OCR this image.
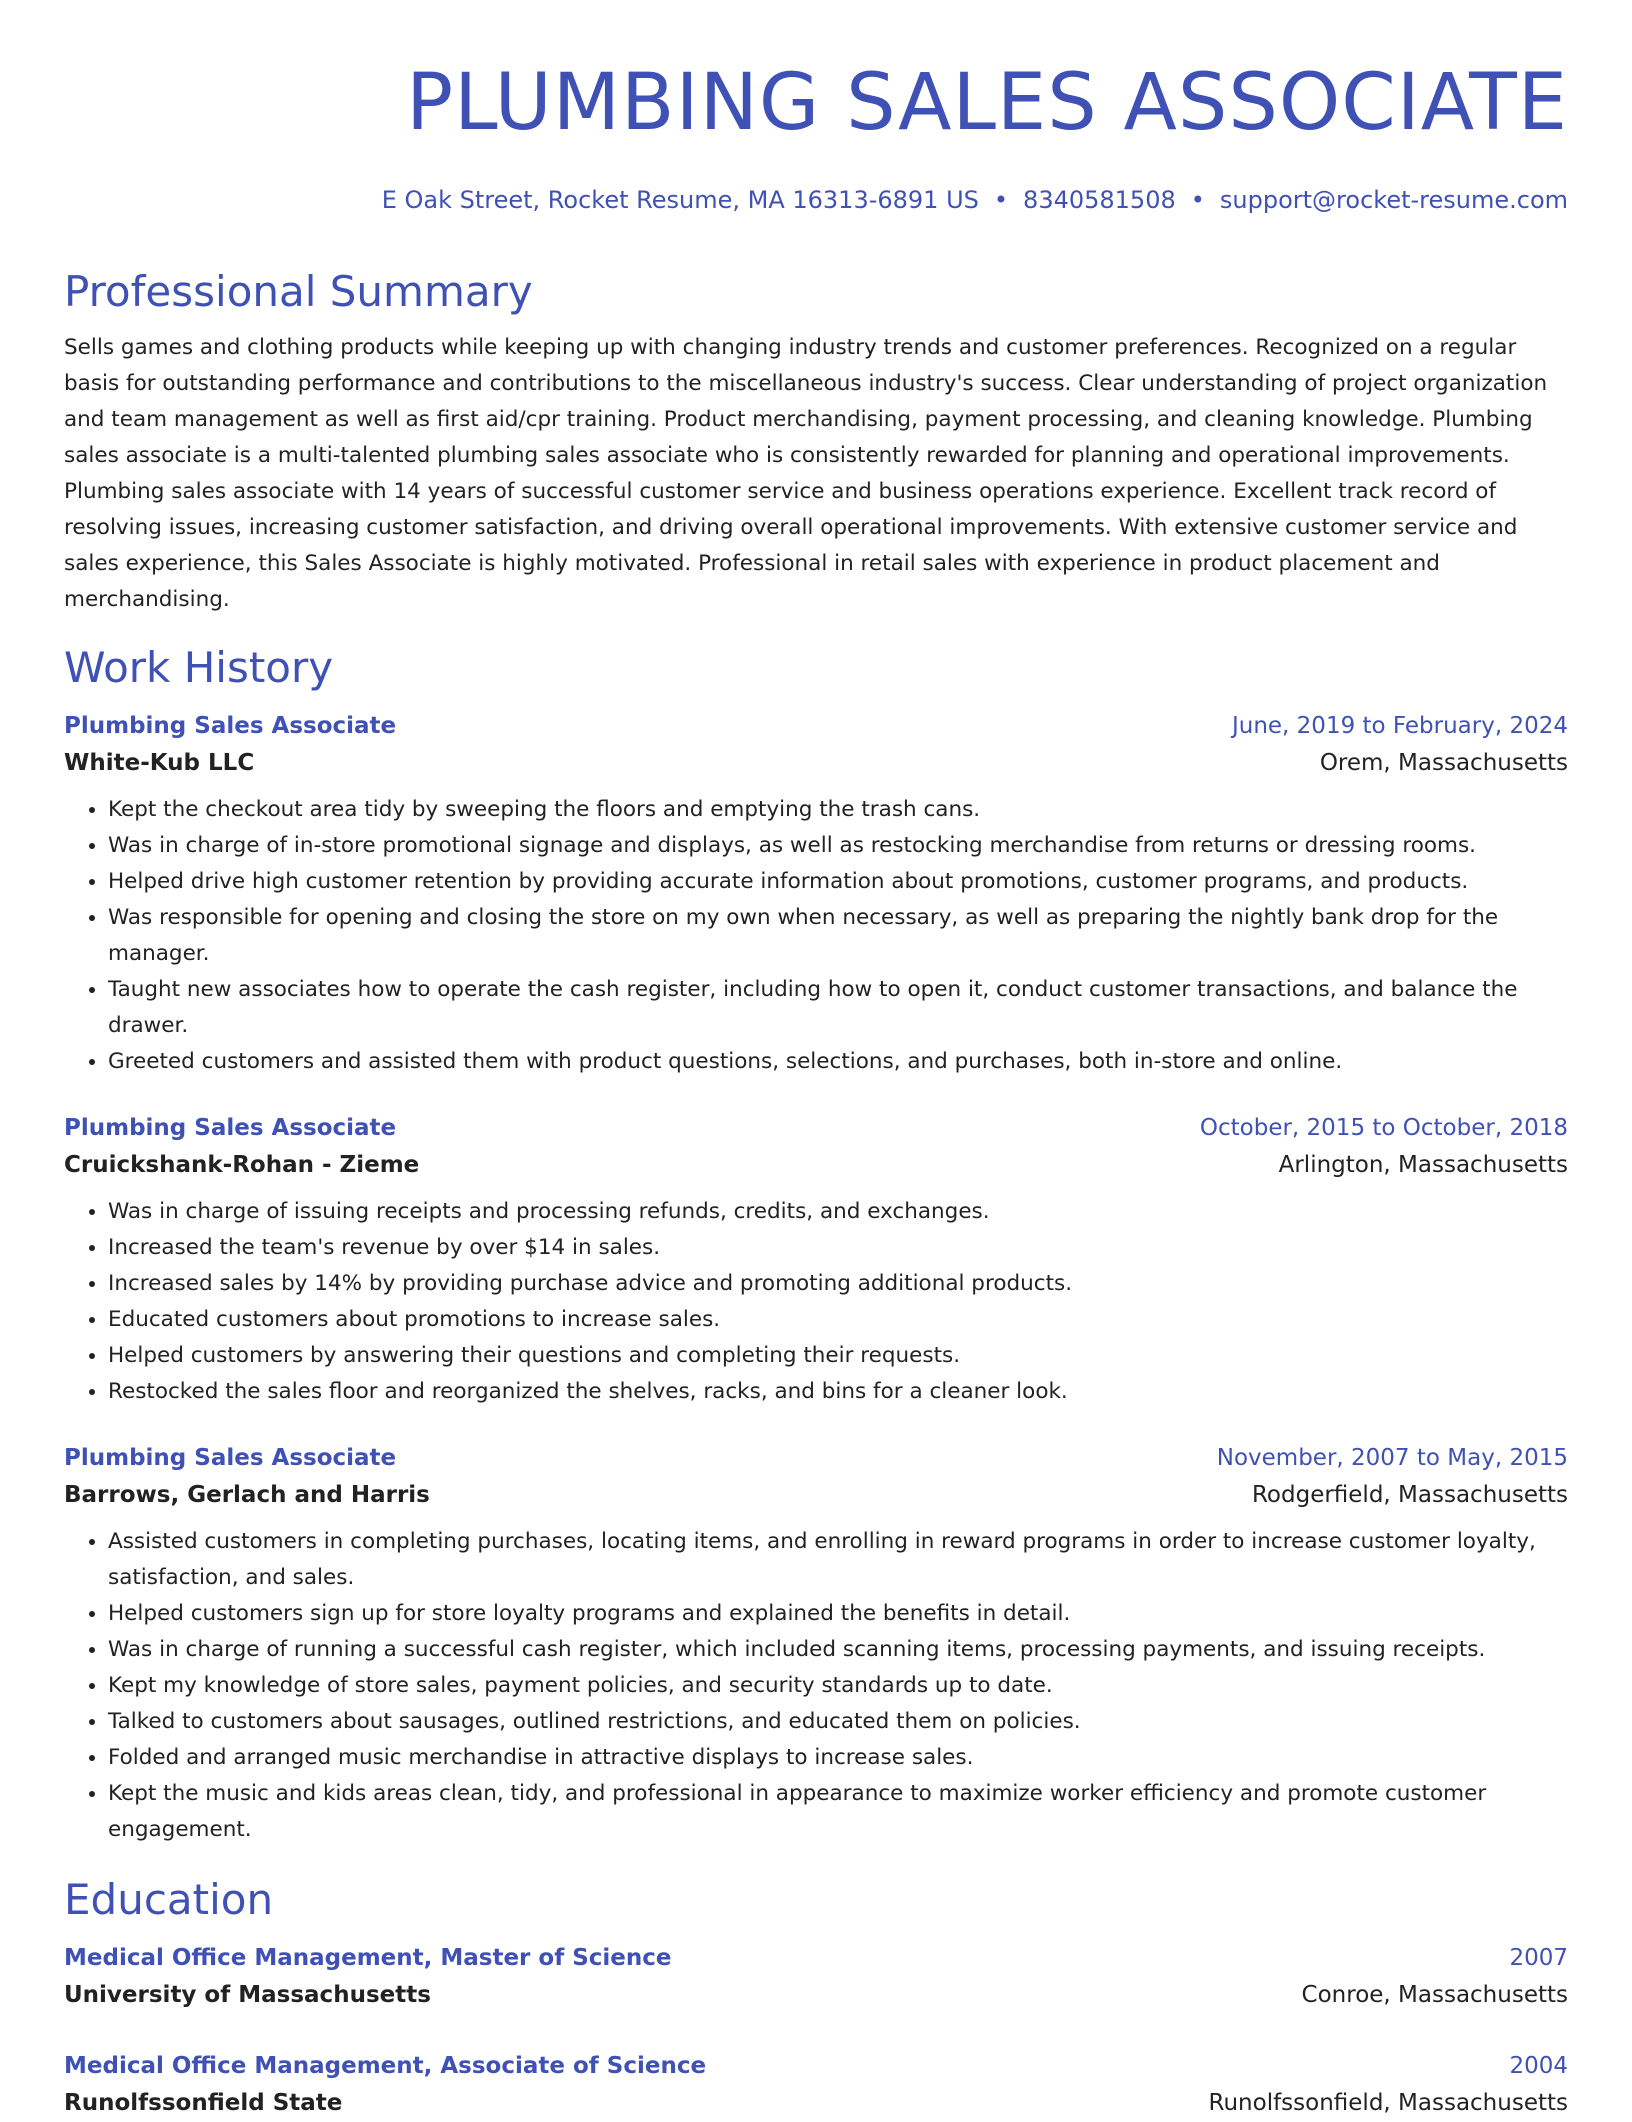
PLUMBING SALES ASSOCIATE
E Oak Street, Rocket Resume, MA 16313-6891 US • 8340581508 • support@rocket-resume.com
Professional Summary
Sells games and clothing products while keeping up with changing industry trends and customer preferences. Recognized on a regular basis for outstanding performance and contributions to the miscellaneous industry's success. Clear understanding of project organization and team management as well as first aid/cpr training. Product merchandising, payment processing, and cleaning knowledge. Plumbing sales associate is a multi-talented plumbing sales associate who is consistently rewarded for planning and operational improvements. Plumbing sales associate with 14 years of successful customer service and business operations experience. Excellent track record of resolving issues, increasing customer satisfaction, and driving overall operational improvements. With extensive customer service and sales experience, this Sales Associate is highly motivated. Professional in retail sales with experience in product placement and merchandising.
Work History
Plumbing Sales Associate	June, 2019 to February, 2024
White-Kub LLC	Orem, Massachusetts
• Kept the checkout area tidy by sweeping the floors and emptying the trash cans.
• Was in charge of in-store promotional signage and displays, as well as restocking merchandise from returns or dressing rooms.
• Helped drive high customer retention by providing accurate information about promotions, customer programs, and products.
• Was responsible for opening and closing the store on my own when necessary, as well as preparing the nightly bank drop for the manager.
• Taught new associates how to operate the cash register, including how to open it, conduct customer transactions, and balance the drawer.
• Greeted customers and assisted them with product questions, selections, and purchases, both in-store and online.
Plumbing Sales Associate	October, 2015 to October, 2018
Cruickshank-Rohan - Zieme	Arlington, Massachusetts
• Was in charge of issuing receipts and processing refunds, credits, and exchanges.
• Increased the team's revenue by over $14 in sales.
• Increased sales by 14% by providing purchase advice and promoting additional products.
• Educated customers about promotions to increase sales.
• Helped customers by answering their questions and completing their requests.
• Restocked the sales floor and reorganized the shelves, racks, and bins for a cleaner look.
Plumbing Sales Associate	November, 2007 to May, 2015
Barrows, Gerlach and Harris	Rodgerfield, Massachusetts
• Assisted customers in completing purchases, locating items, and enrolling in reward programs in order to increase customer loyalty, satisfaction, and sales.
• Helped customers sign up for store loyalty programs and explained the benefits in detail.
• Was in charge of running a successful cash register, which included scanning items, processing payments, and issuing receipts.
• Kept my knowledge of store sales, payment policies, and security standards up to date.
• Talked to customers about sausages, outlined restrictions, and educated them on policies.
• Folded and arranged music merchandise in attractive displays to increase sales.
• Kept the music and kids areas clean, tidy, and professional in appearance to maximize worker efficiency and promote customer engagement.
Education
Medical Office Management, Master of Science	2007
University of Massachusetts	Conroe, Massachusetts
Medical Office Management, Associate of Science	2004
Runolfssonfield State	Runolfssonfield, Massachusetts
